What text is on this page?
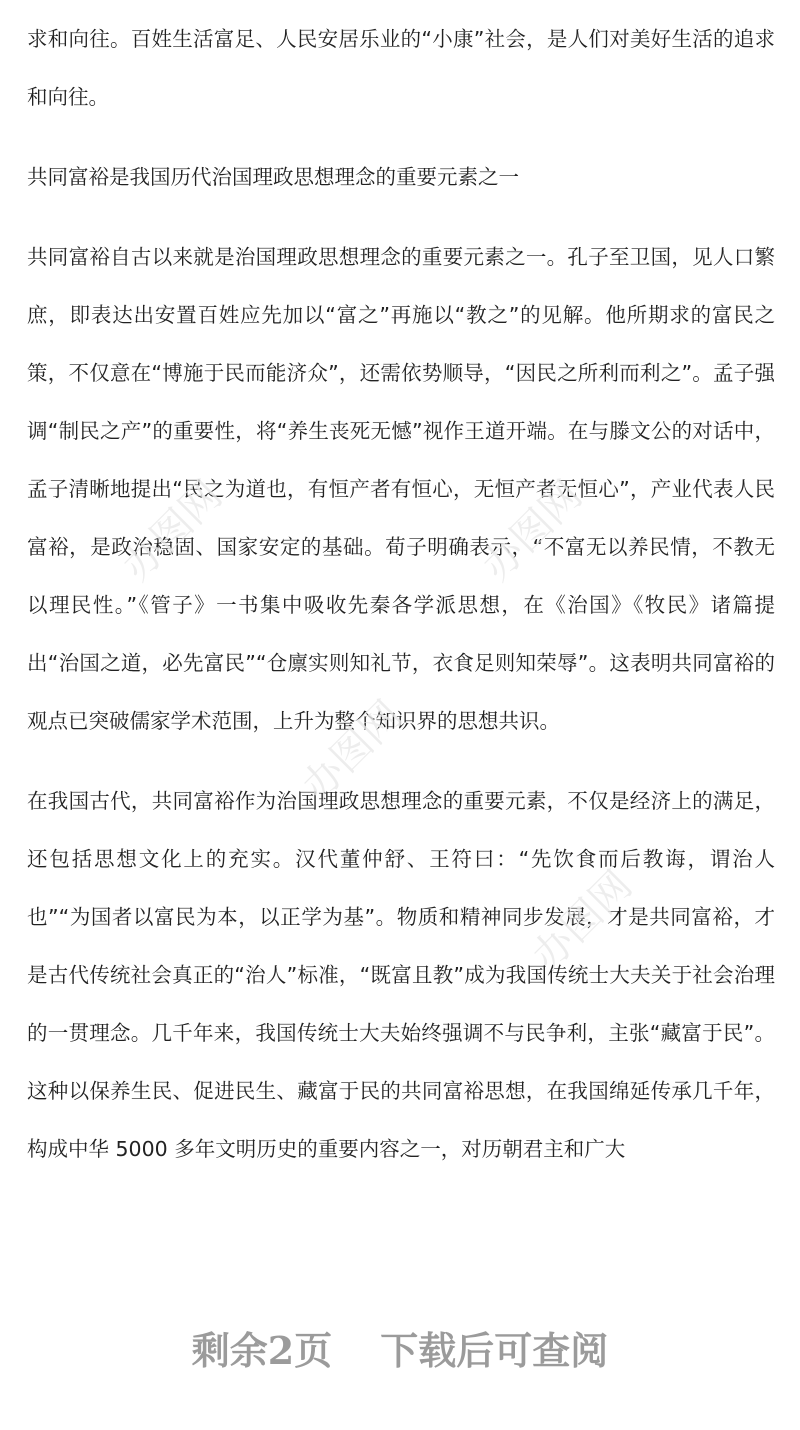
求和向往。百姓生活富足、人民安居乐业的“小康”社会，是人们对美好生活的追求和向往。

共同富裕是我国历代治国理政思想理念的重要元素之一

共同富裕自古以来就是治国理政思想理念的重要元素之一。孔子至卫国，见人口繁庶，即表达出安置百姓应先加以“富之”再施以“教之”的见解。他所期求的富民之策，不仅意在“博施于民而能济众”，还需依势顺导，“因民之所利而利之”。孟子强调“制民之产”的重要性，将“养生丧死无憾”视作王道开端。在与滕文公的对话中，孟子清晰地提出“民之为道也，有恒产者有恒心，无恒产者无恒心”，产业代表人民富裕，是政治稳固、国家安定的基础。荀子明确表示，“不富无以养民情，不教无以理民性。”《管子》一书集中吸收先秦各学派思想，在《治国》《牧民》诸篇提出“治国之道，必先富民”“仓廪实则知礼节，衣食足则知荣辱”。这表明共同富裕的观点已突破儒家学术范围，上升为整个知识界的思想共识。

在我国古代，共同富裕作为治国理政思想理念的重要元素，不仅是经济上的满足，还包括思想文化上的充实。汉代董仲舒、王符曰：“先饮食而后教诲，谓治人也”“为国者以富民为本，以正学为基”。物质和精神同步发展，才是共同富裕，才是古代传统社会真正的“治人”标准，“既富且教”成为我国传统士大夫关于社会治理的一贯理念。几千年来，我国传统士大夫始终强调不与民争利，主张“藏富于民”。这种以保养生民、促进民生、藏富于民的共同富裕思想，在我国绵延传承几千年，构成中华 5000 多年文明历史的重要内容之一，对历朝君主和广大

办图网	办图网
办图网
办图网
剩余2页 下载后可查阅
